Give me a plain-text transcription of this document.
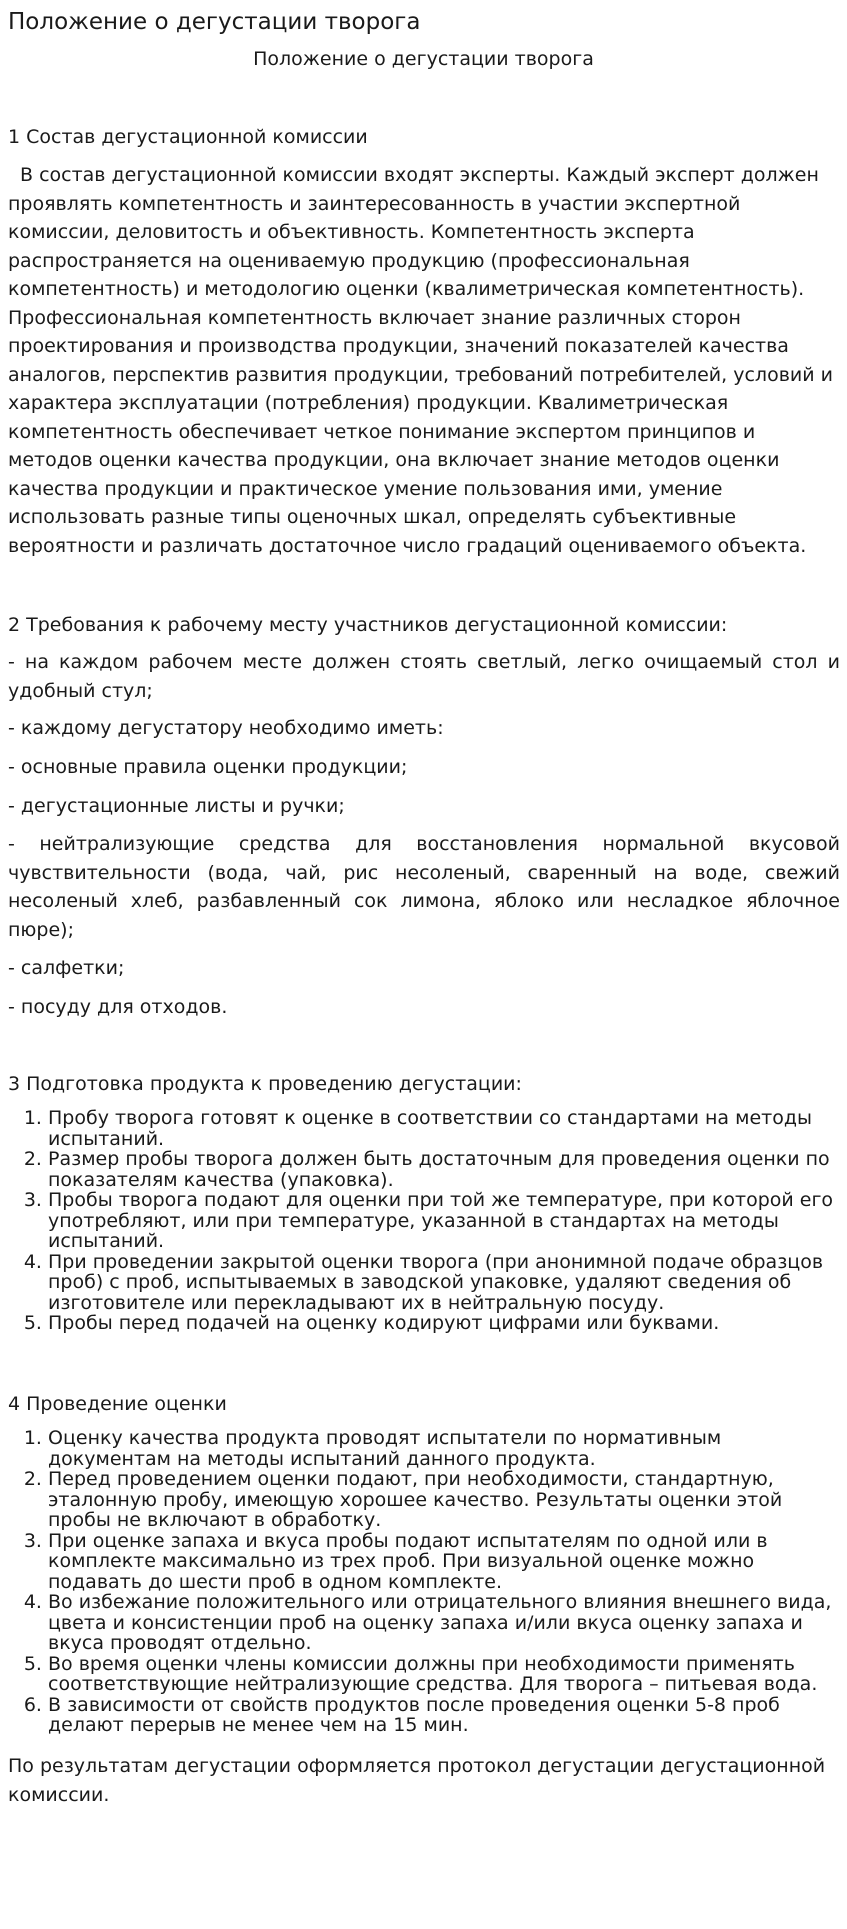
Положение о дегустации творога

Положение о дегустации творога

1 Состав дегустационной комиссии

В состав дегустационной комиссии входят эксперты. Каждый эксперт должен проявлять компетентность и заинтересованность в участии экспертной комиссии, деловитость и объективность. Компетентность эксперта распространяется на оцениваемую продукцию (профессиональная компетентность) и методологию оценки (квалиметрическая компетентность). Профессиональная компетентность включает знание различных сторон проектирования и производства продукции, значений показателей качества аналогов, перспектив развития продукции, требований потребителей, условий и характера эксплуатации (потребления) продукции. Квалиметрическая компетентность обеспечивает четкое понимание экспертом принципов и методов оценки качества продукции, она включает знание методов оценки качества продукции и практическое умение пользования ими, умение использовать разные типы оценочных шкал, определять субъективные вероятности и различать достаточное число градаций оцениваемого объекта.

2 Требования к рабочему месту участников дегустационной комиссии:

- на каждом рабочем месте должен стоять светлый, легко очищаемый стол и удобный стул;

- каждому дегустатору необходимо иметь:

- основные правила оценки продукции;

- дегустационные листы и ручки;

- нейтрализующие средства для восстановления нормальной вкусовой чувствительности (вода, чай, рис несоленый, сваренный на воде, свежий несоленый хлеб, разбавленный сок лимона, яблоко или несладкое яблочное пюре);

- салфетки;

- посуду для отходов.

3 Подготовка продукта к проведению дегустации:

1. Пробу творога готовят к оценке в соответствии со стандартами на методы испытаний.
2. Размер пробы творога должен быть достаточным для проведения оценки по показателям качества (упаковка).
3. Пробы творога подают для оценки при той же температуре, при которой его употребляют, или при температуре, указанной в стандартах на методы испытаний.
4. При проведении закрытой оценки творога (при анонимной подаче образцов проб) с проб, испытываемых в заводской упаковке, удаляют сведения об изготовителе или перекладывают их в нейтральную посуду.
5. Пробы перед подачей на оценку кодируют цифрами или буквами.

4 Проведение оценки

1. Оценку качества продукта проводят испытатели по нормативным документам на методы испытаний данного продукта.
2. Перед проведением оценки подают, при необходимости, стандартную, эталонную пробу, имеющую хорошее качество. Результаты оценки этой пробы не включают в обработку.
3. При оценке запаха и вкуса пробы подают испытателям по одной или в комплекте максимально из трех проб. При визуальной оценке можно подавать до шести проб в одном комплекте.
4. Во избежание положительного или отрицательного влияния внешнего вида, цвета и консистенции проб на оценку запаха и/или вкуса оценку запаха и вкуса проводят отдельно.
5. Во время оценки члены комиссии должны при необходимости применять соответствующие нейтрализующие средства. Для творога – питьевая вода.
6. В зависимости от свойств продуктов после проведения оценки 5-8 проб делают перерыв не менее чем на 15 мин.

По результатам дегустации оформляется протокол дегустации дегустационной комиссии.
